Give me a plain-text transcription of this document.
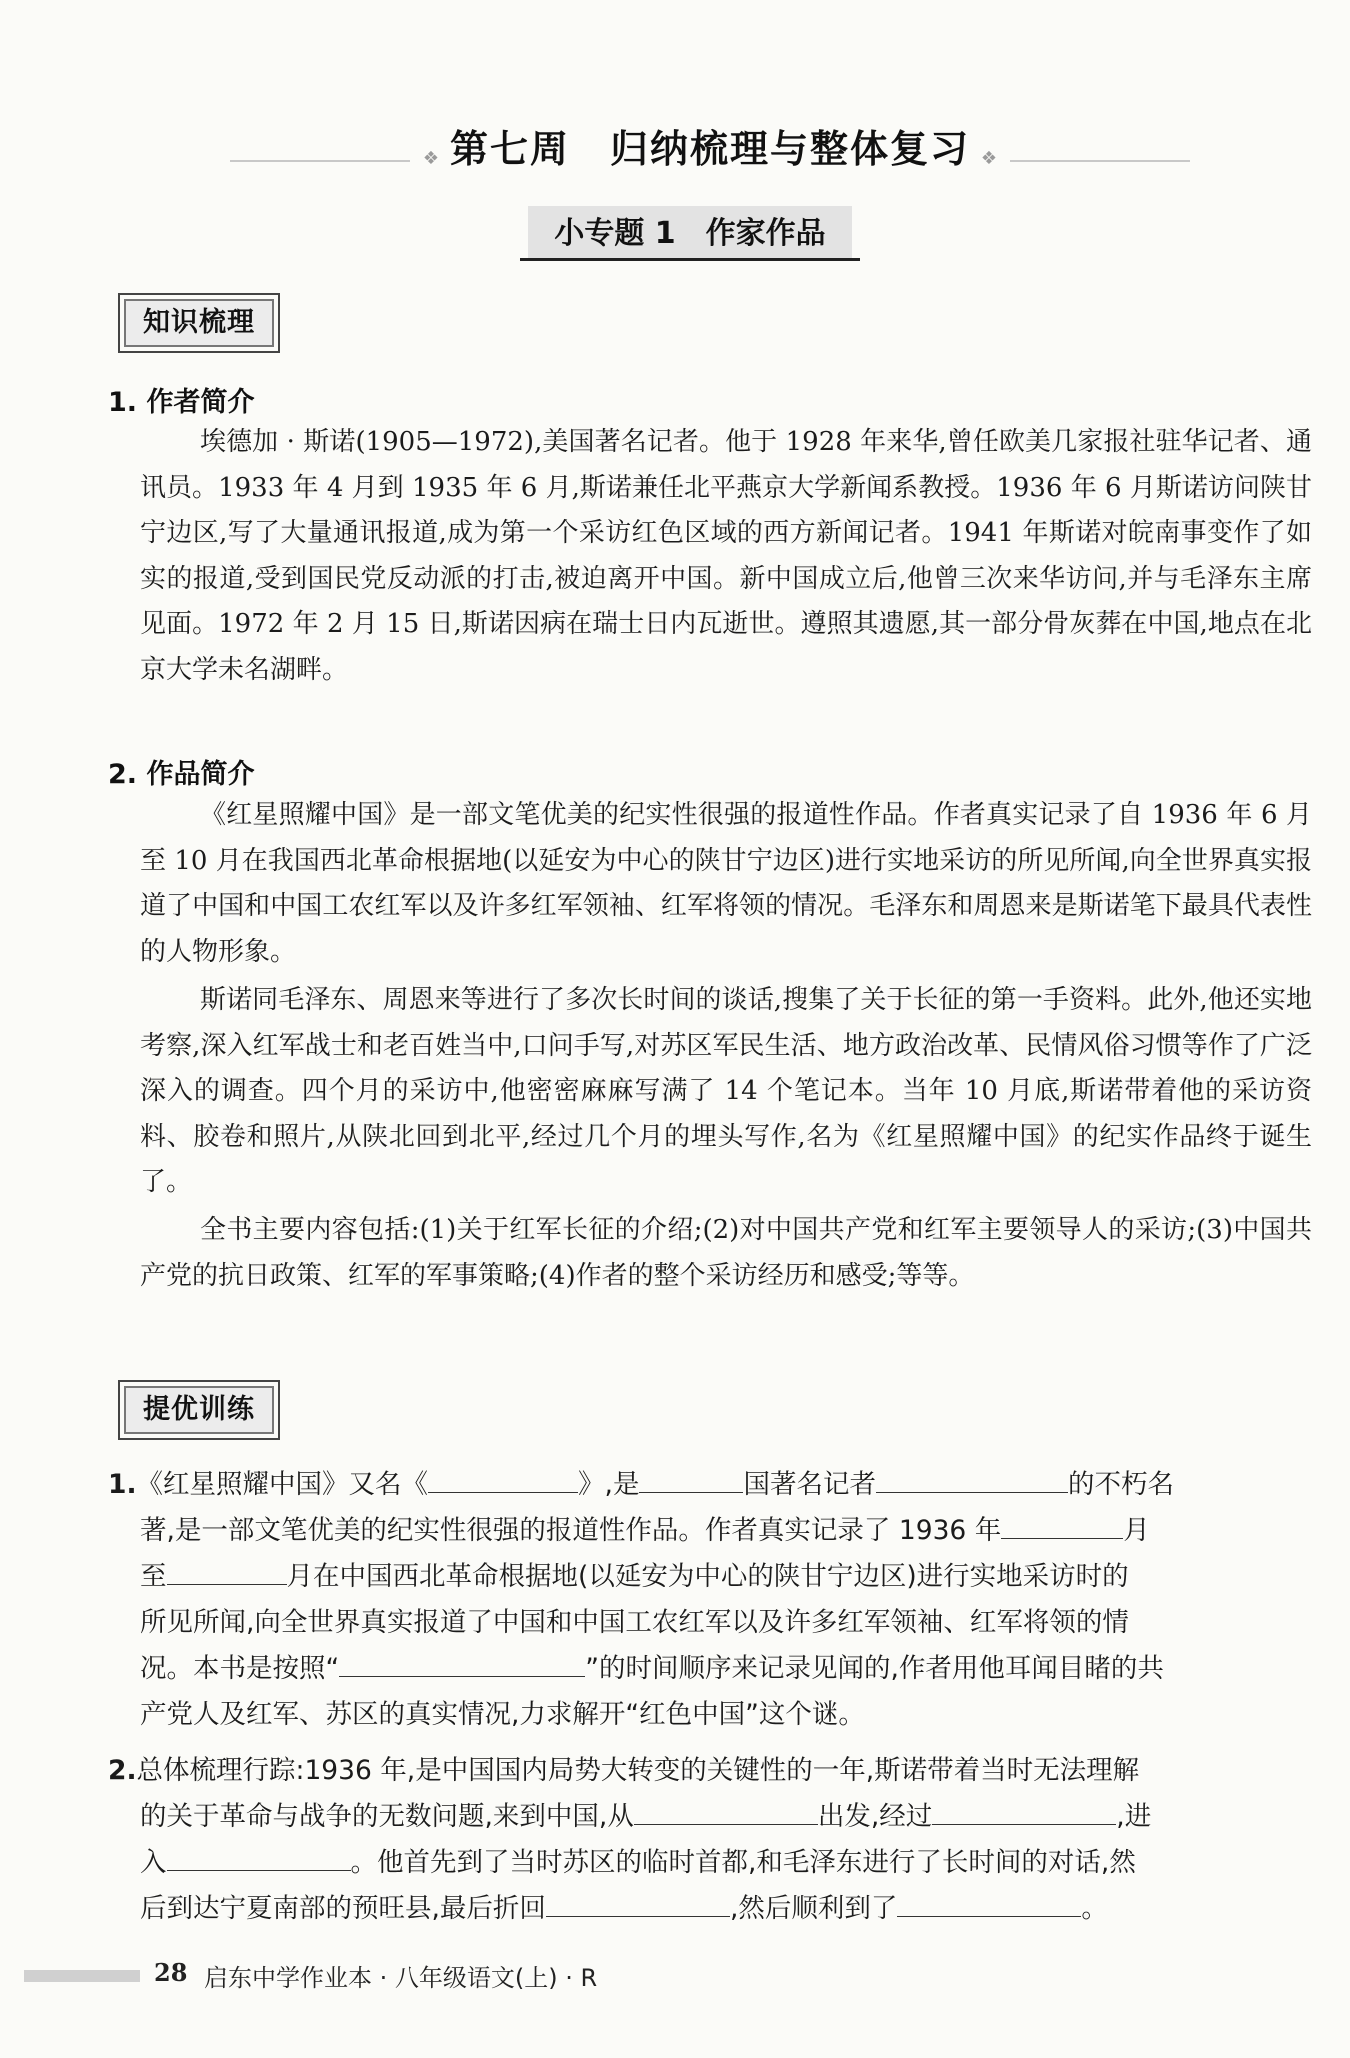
❖ 第七周　归纳梳理与整体复习 ❖
小专题 1　作家作品
知识梳理
1. 作者简介
埃德加 · 斯诺(1905—1972),美国著名记者。他于 1928 年来华,曾任欧美几家报社驻华记者、通讯员。1933 年 4 月到 1935 年 6 月,斯诺兼任北平燕京大学新闻系教授。1936 年 6 月斯诺访问陕甘宁边区,写了大量通讯报道,成为第一个采访红色区域的西方新闻记者。1941 年斯诺对皖南事变作了如实的报道,受到国民党反动派的打击,被迫离开中国。新中国成立后,他曾三次来华访问,并与毛泽东主席见面。1972 年 2 月 15 日,斯诺因病在瑞士日内瓦逝世。遵照其遗愿,其一部分骨灰葬在中国,地点在北京大学未名湖畔。
2. 作品简介
《红星照耀中国》是一部文笔优美的纪实性很强的报道性作品。作者真实记录了自 1936 年 6 月至 10 月在我国西北革命根据地(以延安为中心的陕甘宁边区)进行实地采访的所见所闻,向全世界真实报道了中国和中国工农红军以及许多红军领袖、红军将领的情况。毛泽东和周恩来是斯诺笔下最具代表性的人物形象。
斯诺同毛泽东、周恩来等进行了多次长时间的谈话,搜集了关于长征的第一手资料。此外,他还实地考察,深入红军战士和老百姓当中,口问手写,对苏区军民生活、地方政治改革、民情风俗习惯等作了广泛深入的调查。四个月的采访中,他密密麻麻写满了 14 个笔记本。当年 10 月底,斯诺带着他的采访资料、胶卷和照片,从陕北回到北平,经过几个月的埋头写作,名为《红星照耀中国》的纪实作品终于诞生了。
全书主要内容包括:(1)关于红军长征的介绍;(2)对中国共产党和红军主要领导人的采访;(3)中国共产党的抗日政策、红军的军事策略;(4)作者的整个采访经历和感受;等等。
提优训练
1.《红星照耀中国》又名《	》,是	国著名记者	的不朽名
著,是一部文笔优美的纪实性很强的报道性作品。作者真实记录了 1936 年	月
至	月在中国西北革命根据地(以延安为中心的陕甘宁边区)进行实地采访时的
所见所闻,向全世界真实报道了中国和中国工农红军以及许多红军领袖、红军将领的情
况。本书是按照“	”的时间顺序来记录见闻的,作者用他耳闻目睹的共
产党人及红军、苏区的真实情况,力求解开“红色中国”这个谜。
2.总体梳理行踪:1936 年,是中国国内局势大转变的关键性的一年,斯诺带着当时无法理解
的关于革命与战争的无数问题,来到中国,从	出发,经过	,进
入	。他首先到了当时苏区的临时首都,和毛泽东进行了长时间的对话,然
后到达宁夏南部的预旺县,最后折回	,然后顺利到了	。
28 启东中学作业本 · 八年级语文(上) · R
